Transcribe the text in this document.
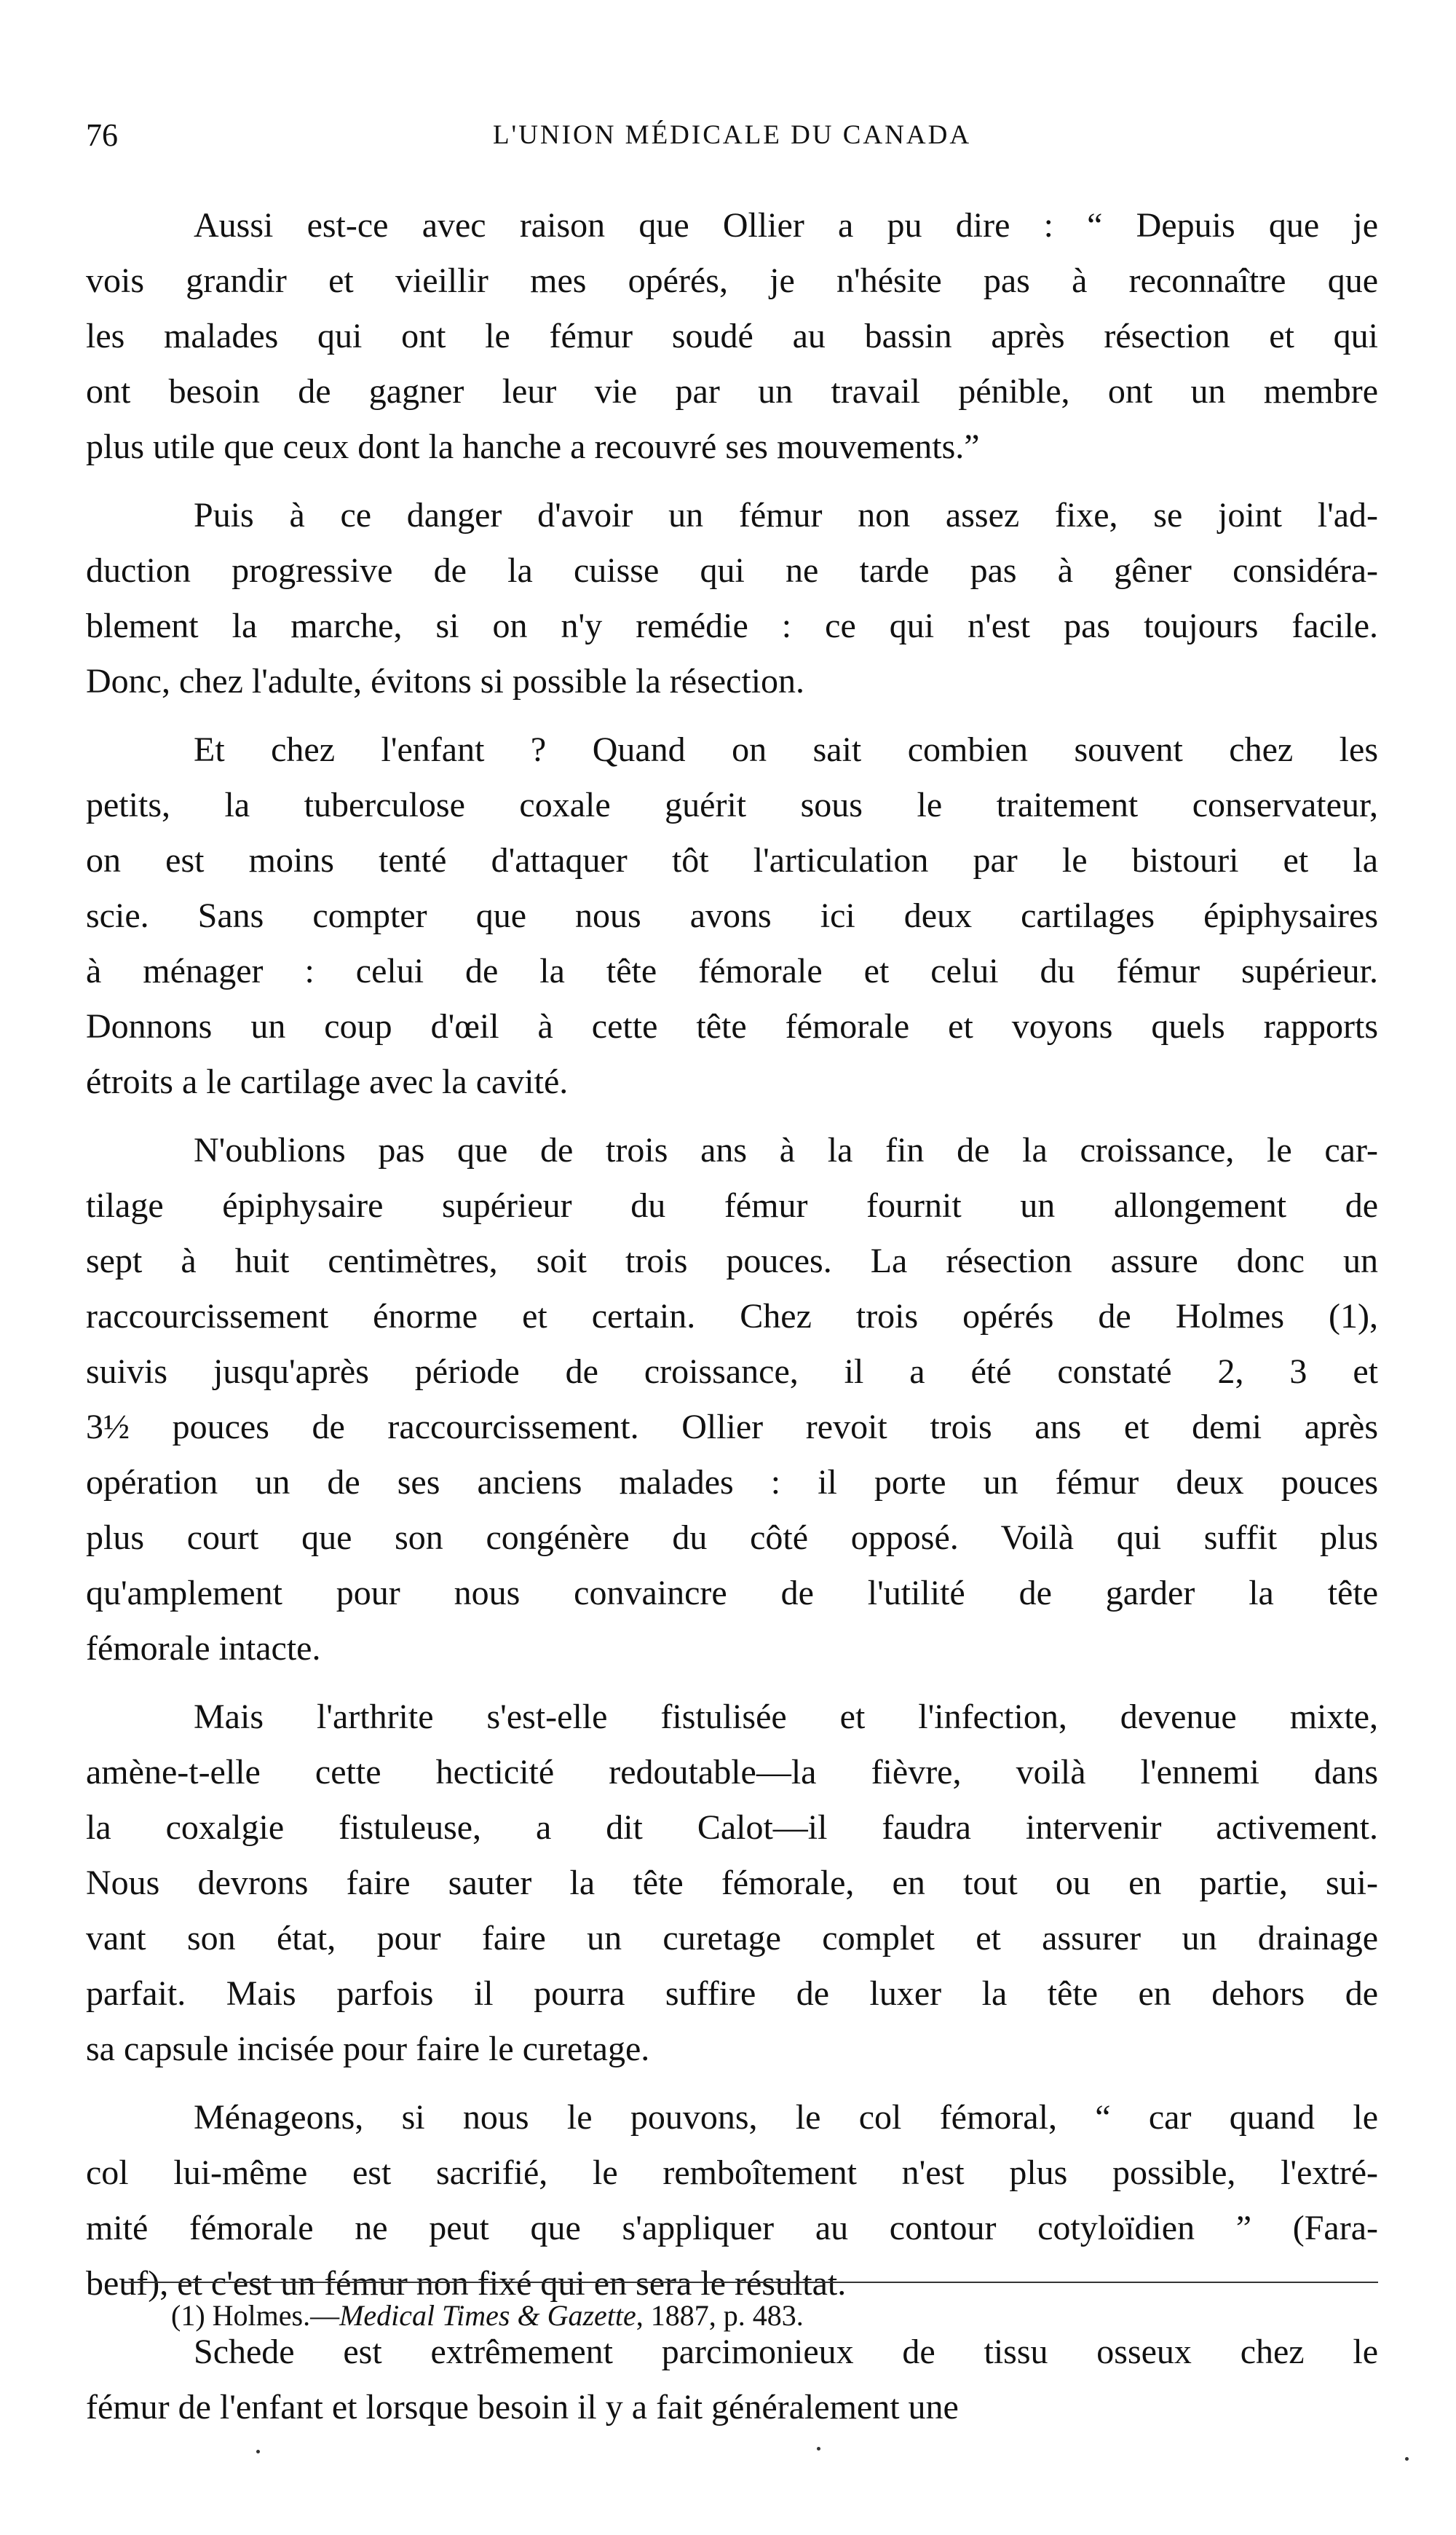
76	L'UNION MÉDICALE DU CANADA
Aussi est-ce avec raison que Ollier a pu dire : “ Depuis que je
vois grandir et vieillir mes opérés, je n'hésite pas à reconnaître que
les malades qui ont le fémur soudé au bassin après résection et qui
ont besoin de gagner leur vie par un travail pénible, ont un membre
plus utile que ceux dont la hanche a recouvré ses mouvements.”
Puis à ce danger d'avoir un fémur non assez fixe, se joint l'ad-
duction progressive de la cuisse qui ne tarde pas à gêner considéra-
blement la marche, si on n'y remédie : ce qui n'est pas toujours facile.
Donc, chez l'adulte, évitons si possible la résection.
Et chez l'enfant ? Quand on sait combien souvent chez les
petits, la tuberculose coxale guérit sous le traitement conservateur,
on est moins tenté d'attaquer tôt l'articulation par le bistouri et la
scie. Sans compter que nous avons ici deux cartilages épiphysaires
à ménager : celui de la tête fémorale et celui du fémur supérieur.
Donnons un coup d'œil à cette tête fémorale et voyons quels rapports
étroits a le cartilage avec la cavité.
N'oublions pas que de trois ans à la fin de la croissance, le car-
tilage épiphysaire supérieur du fémur fournit un allongement de
sept à huit centimètres, soit trois pouces. La résection assure donc un
raccourcissement énorme et certain. Chez trois opérés de Holmes (1),
suivis jusqu'après période de croissance, il a été constaté 2, 3 et
3½ pouces de raccourcissement. Ollier revoit trois ans et demi après
opération un de ses anciens malades : il porte un fémur deux pouces
plus court que son congénère du côté opposé. Voilà qui suffit plus
qu'amplement pour nous convaincre de l'utilité de garder la tête
fémorale intacte.
Mais l'arthrite s'est-elle fistulisée et l'infection, devenue mixte,
amène-t-elle cette hecticité redoutable—la fièvre, voilà l'ennemi dans
la coxalgie fistuleuse, a dit Calot—il faudra intervenir activement.
Nous devrons faire sauter la tête fémorale, en tout ou en partie, sui-
vant son état, pour faire un curetage complet et assurer un drainage
parfait. Mais parfois il pourra suffire de luxer la tête en dehors de
sa capsule incisée pour faire le curetage.
Ménageons, si nous le pouvons, le col fémoral, “ car quand le
col lui-même est sacrifié, le remboîtement n'est plus possible, l'extré-
mité fémorale ne peut que s'appliquer au contour cotyloïdien ” (Fara-
beuf), et c'est un fémur non fixé qui en sera le résultat.
Schede est extrêmement parcimonieux de tissu osseux chez le
fémur de l'enfant et lorsque besoin il y a fait généralement une
(1) Holmes.—Medical Times & Gazette, 1887, p. 483.
